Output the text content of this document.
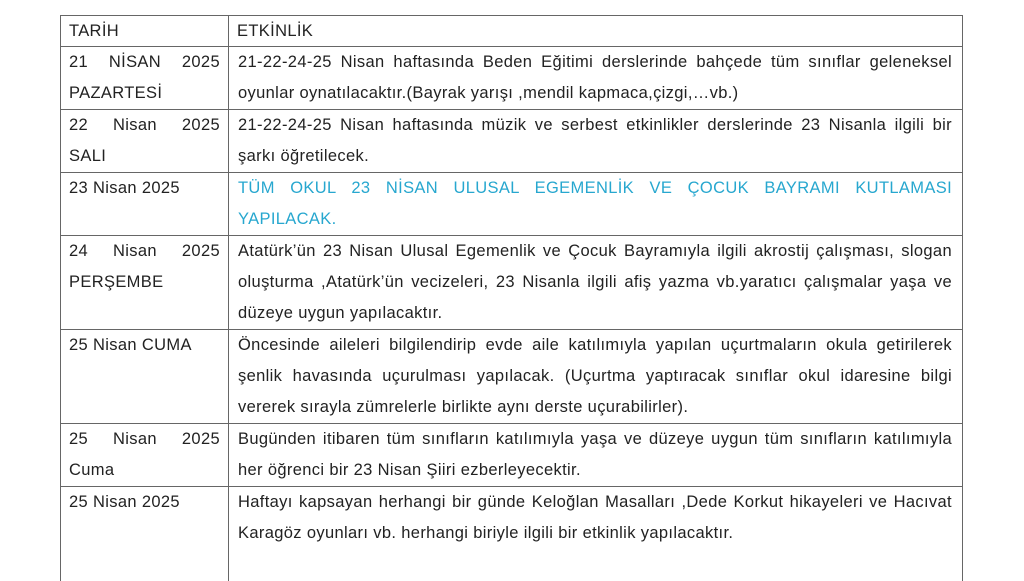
TARİH	ETKİNLİK
21 NİSAN 2025 PAZARTESİ	21-22-24-25 Nisan haftasında Beden Eğitimi derslerinde bahçede tüm sınıflar geleneksel oyunlar oynatılacaktır.(Bayrak yarışı ,mendil kapmaca,çizgi,…vb.)
22 Nisan 2025 SALI	21-22-24-25 Nisan haftasında müzik ve serbest etkinlikler derslerinde 23 Nisanla ilgili bir şarkı öğretilecek.
23 Nisan 2025	TÜM OKUL 23 NİSAN ULUSAL EGEMENLİK VE ÇOCUK BAYRAMI KUTLAMASI YAPILACAK.
24 Nisan 2025 PERŞEMBE	Atatürk’ün 23 Nisan Ulusal Egemenlik ve Çocuk Bayramıyla ilgili akrostij çalışması, slogan oluşturma ,Atatürk’ün vecizeleri, 23 Nisanla ilgili afiş yazma vb.yaratıcı çalışmalar yaşa ve düzeye uygun yapılacaktır.
25 Nisan CUMA	Öncesinde aileleri bilgilendirip evde aile katılımıyla yapılan uçurtmaların okula getirilerek şenlik havasında uçurulması yapılacak. (Uçurtma yaptıracak sınıflar okul idaresine bilgi vererek sırayla zümrelerle birlikte aynı derste uçurabilirler).
25 Nisan 2025 Cuma	Bugünden itibaren tüm sınıfların katılımıyla yaşa ve düzeye uygun tüm sınıfların katılımıyla her öğrenci bir 23 Nisan Şiiri ezberleyecektir.
25 Nisan 2025	Haftayı kapsayan herhangi bir günde Keloğlan Masalları ,Dede Korkut hikayeleri ve Hacıvat Karagöz oyunları vb. herhangi biriyle ilgili bir etkinlik yapılacaktır.
